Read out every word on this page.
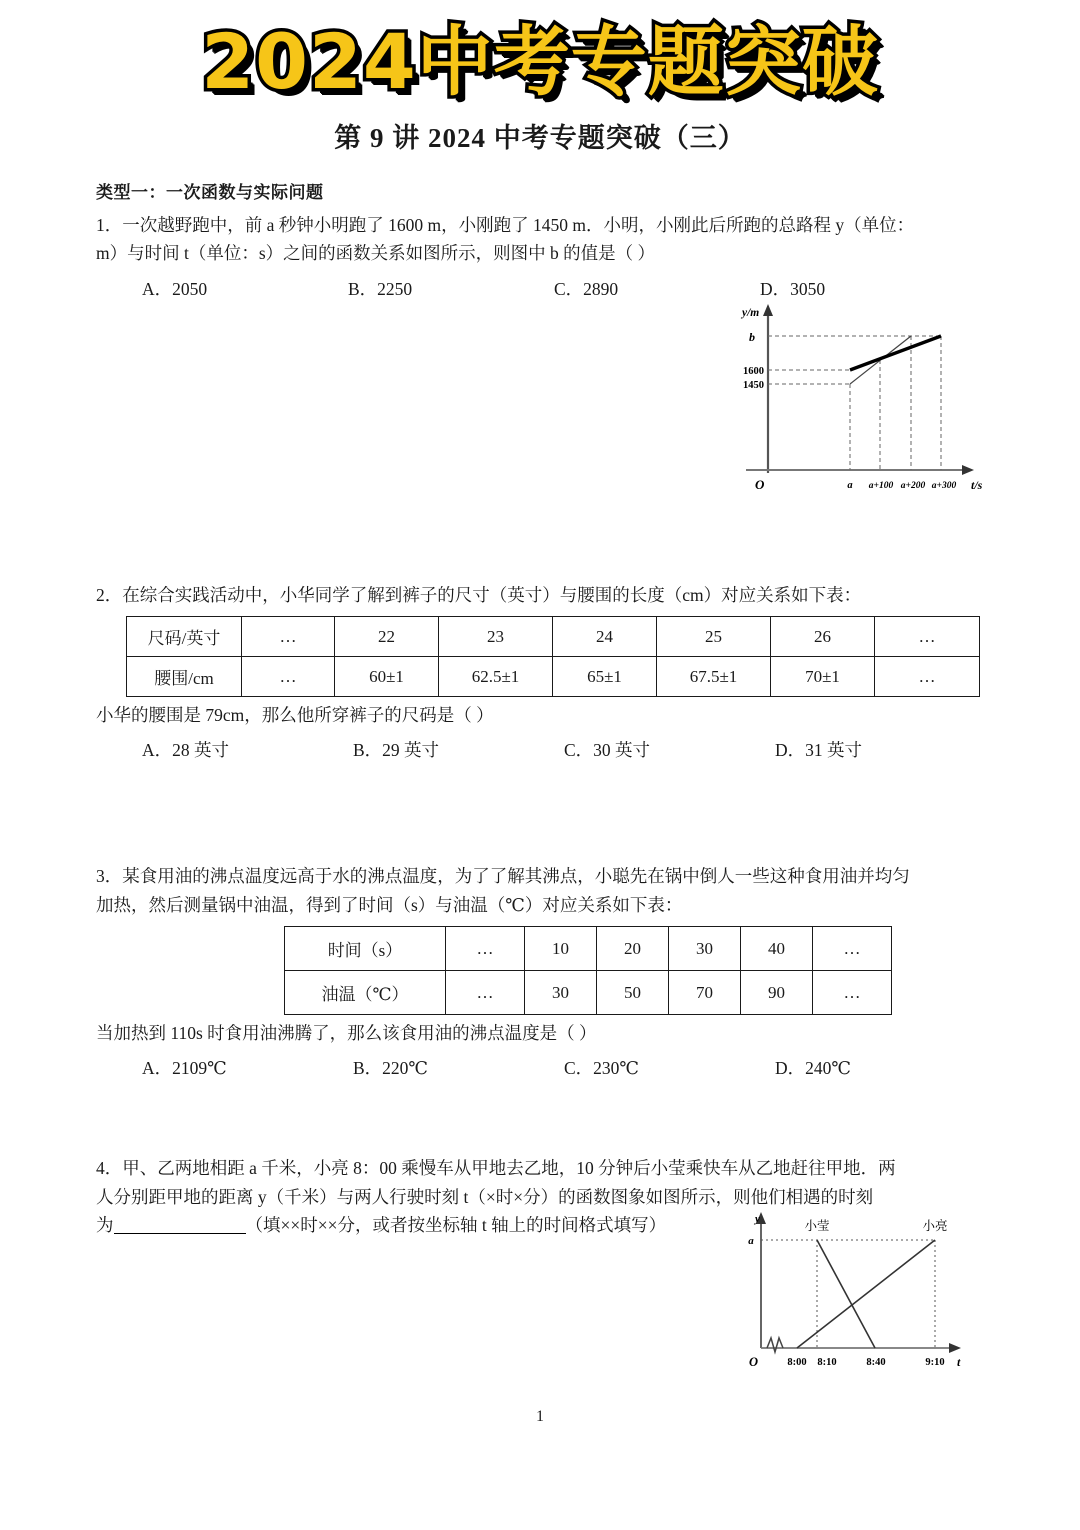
2024中考专题突破
第 9 讲 2024 中考专题突破（三）
类型一：一次函数与实际问题
1．一次越野跑中，前 a 秒钟小明跑了 1600 m，小刚跑了 1450 m．小明，小刚此后所跑的总路程 y（单位：
m）与时间 t（单位：s）之间的函数关系如图所示，则图中 b 的值是（ ）
A．2050	B．2250	C．2890	D．3050
2．在综合实践活动中，小华同学了解到裤子的尺寸（英寸）与腰围的长度（cm）对应关系如下表：
尺码/英寸	…	22	23	24	25	26	…
腰围/cm	…	60±1	62.5±1	65±1	67.5±1	70±1	…
小华的腰围是 79cm，那么他所穿裤子的尺码是（ ）
A．28 英寸	B．29 英寸	C．30 英寸	D．31 英寸
3．某食用油的沸点温度远高于水的沸点温度，为了了解其沸点，小聪先在锅中倒人一些这种食用油并均匀
加热，然后测量锅中油温，得到了时间（s）与油温（℃）对应关系如下表：
时间（s）	…	10	20	30	40	…
油温（℃）	…	30	50	70	90	…
当加热到 110s 时食用油沸腾了，那么该食用油的沸点温度是（ ）
A．2109℃	B．220℃	C．230℃	D．240℃
4．甲、乙两地相距 a 千米，小亮 8：00 乘慢车从甲地去乙地，10 分钟后小莹乘快车从乙地赶往甲地．两
人分别距甲地的距离 y（千米）与两人行驶时刻 t（×时×分）的函数图象如图所示，则他们相遇的时刻
为	（填××时××分，或者按坐标轴 t 轴上的时间格式填写）
y/m
b
1600
1450
O	a a+100 a+200 a+300 t/s
y
a
O
小莹	小亮
8:00 8:10	8:40	9:10 t
1
